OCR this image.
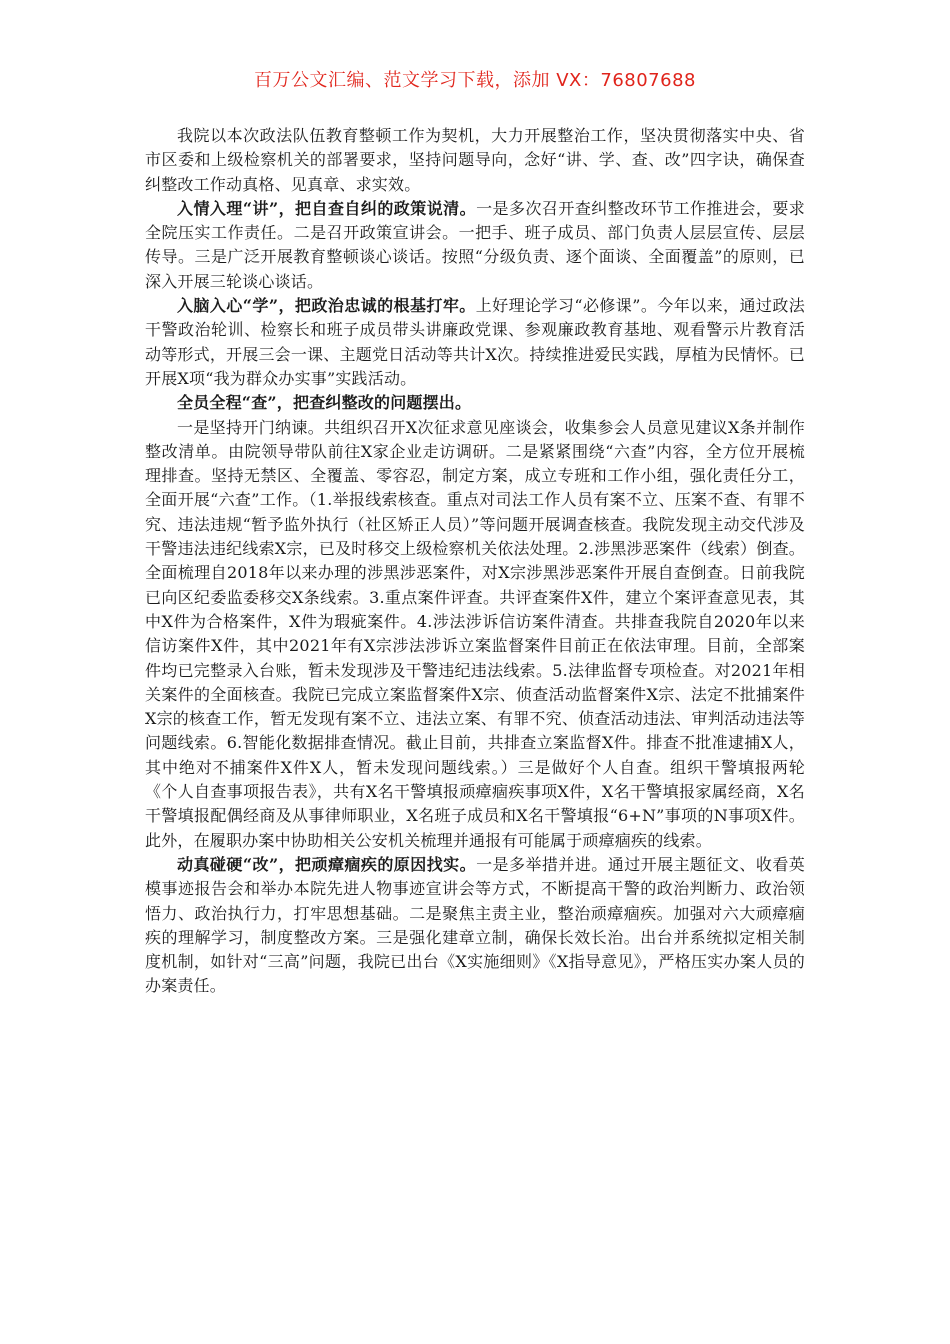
百万公文汇编、范文学习下载，添加 VX：76807688

我院以本次政法队伍教育整顿工作为契机，大力开展整治工作，坚决贯彻落实中央、省市区委和上级检察机关的部署要求，坚持问题导向，念好“讲、学、查、改”四字诀，确保查纠整改工作动真格、见真章、求实效。

入情入理“讲”，把自查自纠的政策说清。一是多次召开查纠整改环节工作推进会，要求全院压实工作责任。二是召开政策宣讲会。一把手、班子成员、部门负责人层层宣传、层层传导。三是广泛开展教育整顿谈心谈话。按照“分级负责、逐个面谈、全面覆盖”的原则，已深入开展三轮谈心谈话。

入脑入心“学”，把政治忠诚的根基打牢。上好理论学习“必修课”。今年以来，通过政法干警政治轮训、检察长和班子成员带头讲廉政党课、参观廉政教育基地、观看警示片教育活动等形式，开展三会一课、主题党日活动等共计X次。持续推进爱民实践，厚植为民情怀。已开展X项“我为群众办实事”实践活动。

全员全程“查”，把查纠整改的问题摆出。

一是坚持开门纳谏。共组织召开X次征求意见座谈会，收集参会人员意见建议X条并制作整改清单。由院领导带队前往X家企业走访调研。二是紧紧围绕“六查”内容，全方位开展梳理排查。坚持无禁区、全覆盖、零容忍，制定方案，成立专班和工作小组，强化责任分工，全面开展“六查”工作。（1.举报线索核查。重点对司法工作人员有案不立、压案不查、有罪不究、违法违规“暂予监外执行（社区矫正人员）”等问题开展调查核查。我院发现主动交代涉及干警违法违纪线索X宗，已及时移交上级检察机关依法处理。2.涉黑涉恶案件（线索）倒查。全面梳理自2018年以来办理的涉黑涉恶案件，对X宗涉黑涉恶案件开展自查倒查。日前我院已向区纪委监委移交X条线索。3.重点案件评查。共评查案件X件，建立个案评查意见表，其中X件为合格案件，X件为瑕疵案件。4.涉法涉诉信访案件清查。共排查我院自2020年以来信访案件X件，其中2021年有X宗涉法涉诉立案监督案件目前正在依法审理。目前，全部案件均已完整录入台账，暂未发现涉及干警违纪违法线索。5.法律监督专项检查。对2021年相关案件的全面核查。我院已完成立案监督案件X宗、侦查活动监督案件X宗、法定不批捕案件X宗的核查工作，暂无发现有案不立、违法立案、有罪不究、侦查活动违法、审判活动违法等问题线索。6.智能化数据排查情况。截止目前，共排查立案监督X件。排查不批准逮捕X人，其中绝对不捕案件X件X人，暂未发现问题线索。）三是做好个人自查。组织干警填报两轮《个人自查事项报告表》，共有X名干警填报顽瘴痼疾事项X件，X名干警填报家属经商，X名干警填报配偶经商及从事律师职业，X名班子成员和X名干警填报“6+N”事项的N事项X件。此外，在履职办案中协助相关公安机关梳理并通报有可能属于顽瘴痼疾的线索。

动真碰硬“改”，把顽瘴痼疾的原因找实。一是多举措并进。通过开展主题征文、收看英模事迹报告会和举办本院先进人物事迹宣讲会等方式，不断提高干警的政治判断力、政治领悟力、政治执行力，打牢思想基础。二是聚焦主责主业，整治顽瘴痼疾。加强对六大顽瘴痼疾的理解学习，制度整改方案。三是强化建章立制，确保长效长治。出台并系统拟定相关制度机制，如针对“三高”问题，我院已出台《X实施细则》《X指导意见》，严格压实办案人员的办案责任。
